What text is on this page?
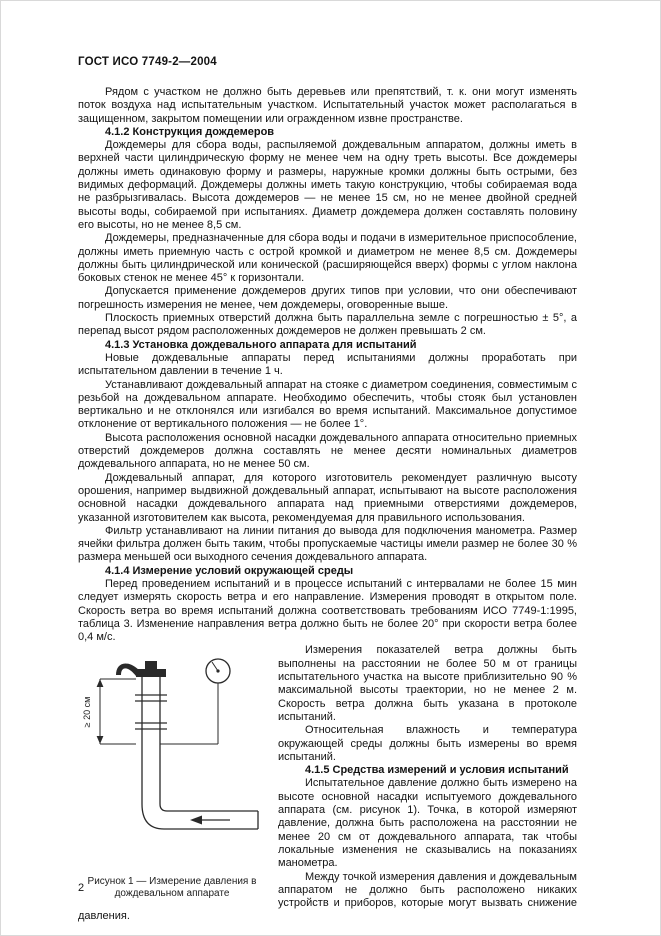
ГОСТ ИСО 7749-2—2004

Рядом с участком не должно быть деревьев или препятствий, т. к. они могут изменять поток воздуха над испытательным участком. Испытательный участок может располагаться в защищенном, закрытом помещении или огражденном извне пространстве.

4.1.2 Конструкция дождемеров

Дождемеры для сбора воды, распыляемой дождевальным аппаратом, должны иметь в верхней части цилиндрическую форму не менее чем на одну треть высоты. Все дождемеры должны иметь одинаковую форму и размеры, наружные кромки должны быть острыми, без видимых деформаций. Дождемеры должны иметь такую конструкцию, чтобы собираемая вода не разбрызгивалась. Высота дождемеров — не менее 15 см, но не менее двойной средней высоты воды, собираемой при испытаниях. Диаметр дождемера должен составлять половину его высоты, но не менее 8,5 см.

Дождемеры, предназначенные для сбора воды и подачи в измерительное приспособление, должны иметь приемную часть с острой кромкой и диаметром не менее 8,5 см. Дождемеры должны быть цилиндрической или конической (расширяющейся вверх) формы с углом наклона боковых стенок не менее 45° к горизонтали.

Допускается применение дождемеров других типов при условии, что они обеспечивают погрешность измерения не менее, чем дождемеры, оговоренные выше.

Плоскость приемных отверстий должна быть параллельна земле с погрешностью ± 5°, а перепад высот рядом расположенных дождемеров не должен превышать 2 см.

4.1.3 Установка дождевального аппарата для испытаний

Новые дождевальные аппараты перед испытаниями должны проработать при испытательном давлении в течение 1 ч.

Устанавливают дождевальный аппарат на стояке с диаметром соединения, совместимым с резьбой на дождевальном аппарате. Необходимо обеспечить, чтобы стояк был установлен вертикально и не отклонялся или изгибался во время испытаний. Максимальное допустимое отклонение от вертикального положения — не более 1°.

Высота расположения основной насадки дождевального аппарата относительно приемных отверстий дождемеров должна составлять не менее десяти номинальных диаметров дождевального аппарата, но не менее 50 см.

Дождевальный аппарат, для которого изготовитель рекомендует различную высоту орошения, например выдвижной дождевальный аппарат, испытывают на высоте расположения основной насадки дождевального аппарата над приемными отверстиями дождемеров, указанной изготовителем как высота, рекомендуемая для правильного использования.

Фильтр устанавливают на линии питания до вывода для подключения манометра. Размер ячейки фильтра должен быть таким, чтобы пропускаемые частицы имели размер не более 30 % размера меньшей оси выходного сечения дождевального аппарата.

4.1.4 Измерение условий окружающей среды

Перед проведением испытаний и в процессе испытаний с интервалами не более 15 мин следует измерять скорость ветра и его направление. Измерения проводят в открытом поле. Скорость ветра во время испытаний должна соответствовать требованиям ИСО 7749-1:1995, таблица 3. Изменение направления ветра должно быть не более 20° при скорости ветра более 0,4 м/с.

≥ 20 см
Рисунок 1 — Измерение давления в дождевальном аппарате

Измерения показателей ветра должны быть выполнены на расстоянии не более 50 м от границы испытательного участка на высоте приблизительно 90 % максимальной высоты траектории, но не менее 2 м. Скорость ветра должна быть указана в протоколе испытаний.

Относительная влажность и температура окружающей среды должны быть измерены во время испытаний.

4.1.5 Средства измерений и условия испытаний

Испытательное давление должно быть измерено на высоте основной насадки испытуемого дождевального аппарата (см. рисунок 1). Точка, в которой измеряют давление, должна быть расположена на расстоянии не менее 20 см от дождевального аппарата, так чтобы локальные изменения не сказывались на показаниях манометра.

Между точкой измерения давления и дождевальным аппаратом не должно быть расположено никаких устройств и приборов, которые могут вызвать снижение давления.

2
